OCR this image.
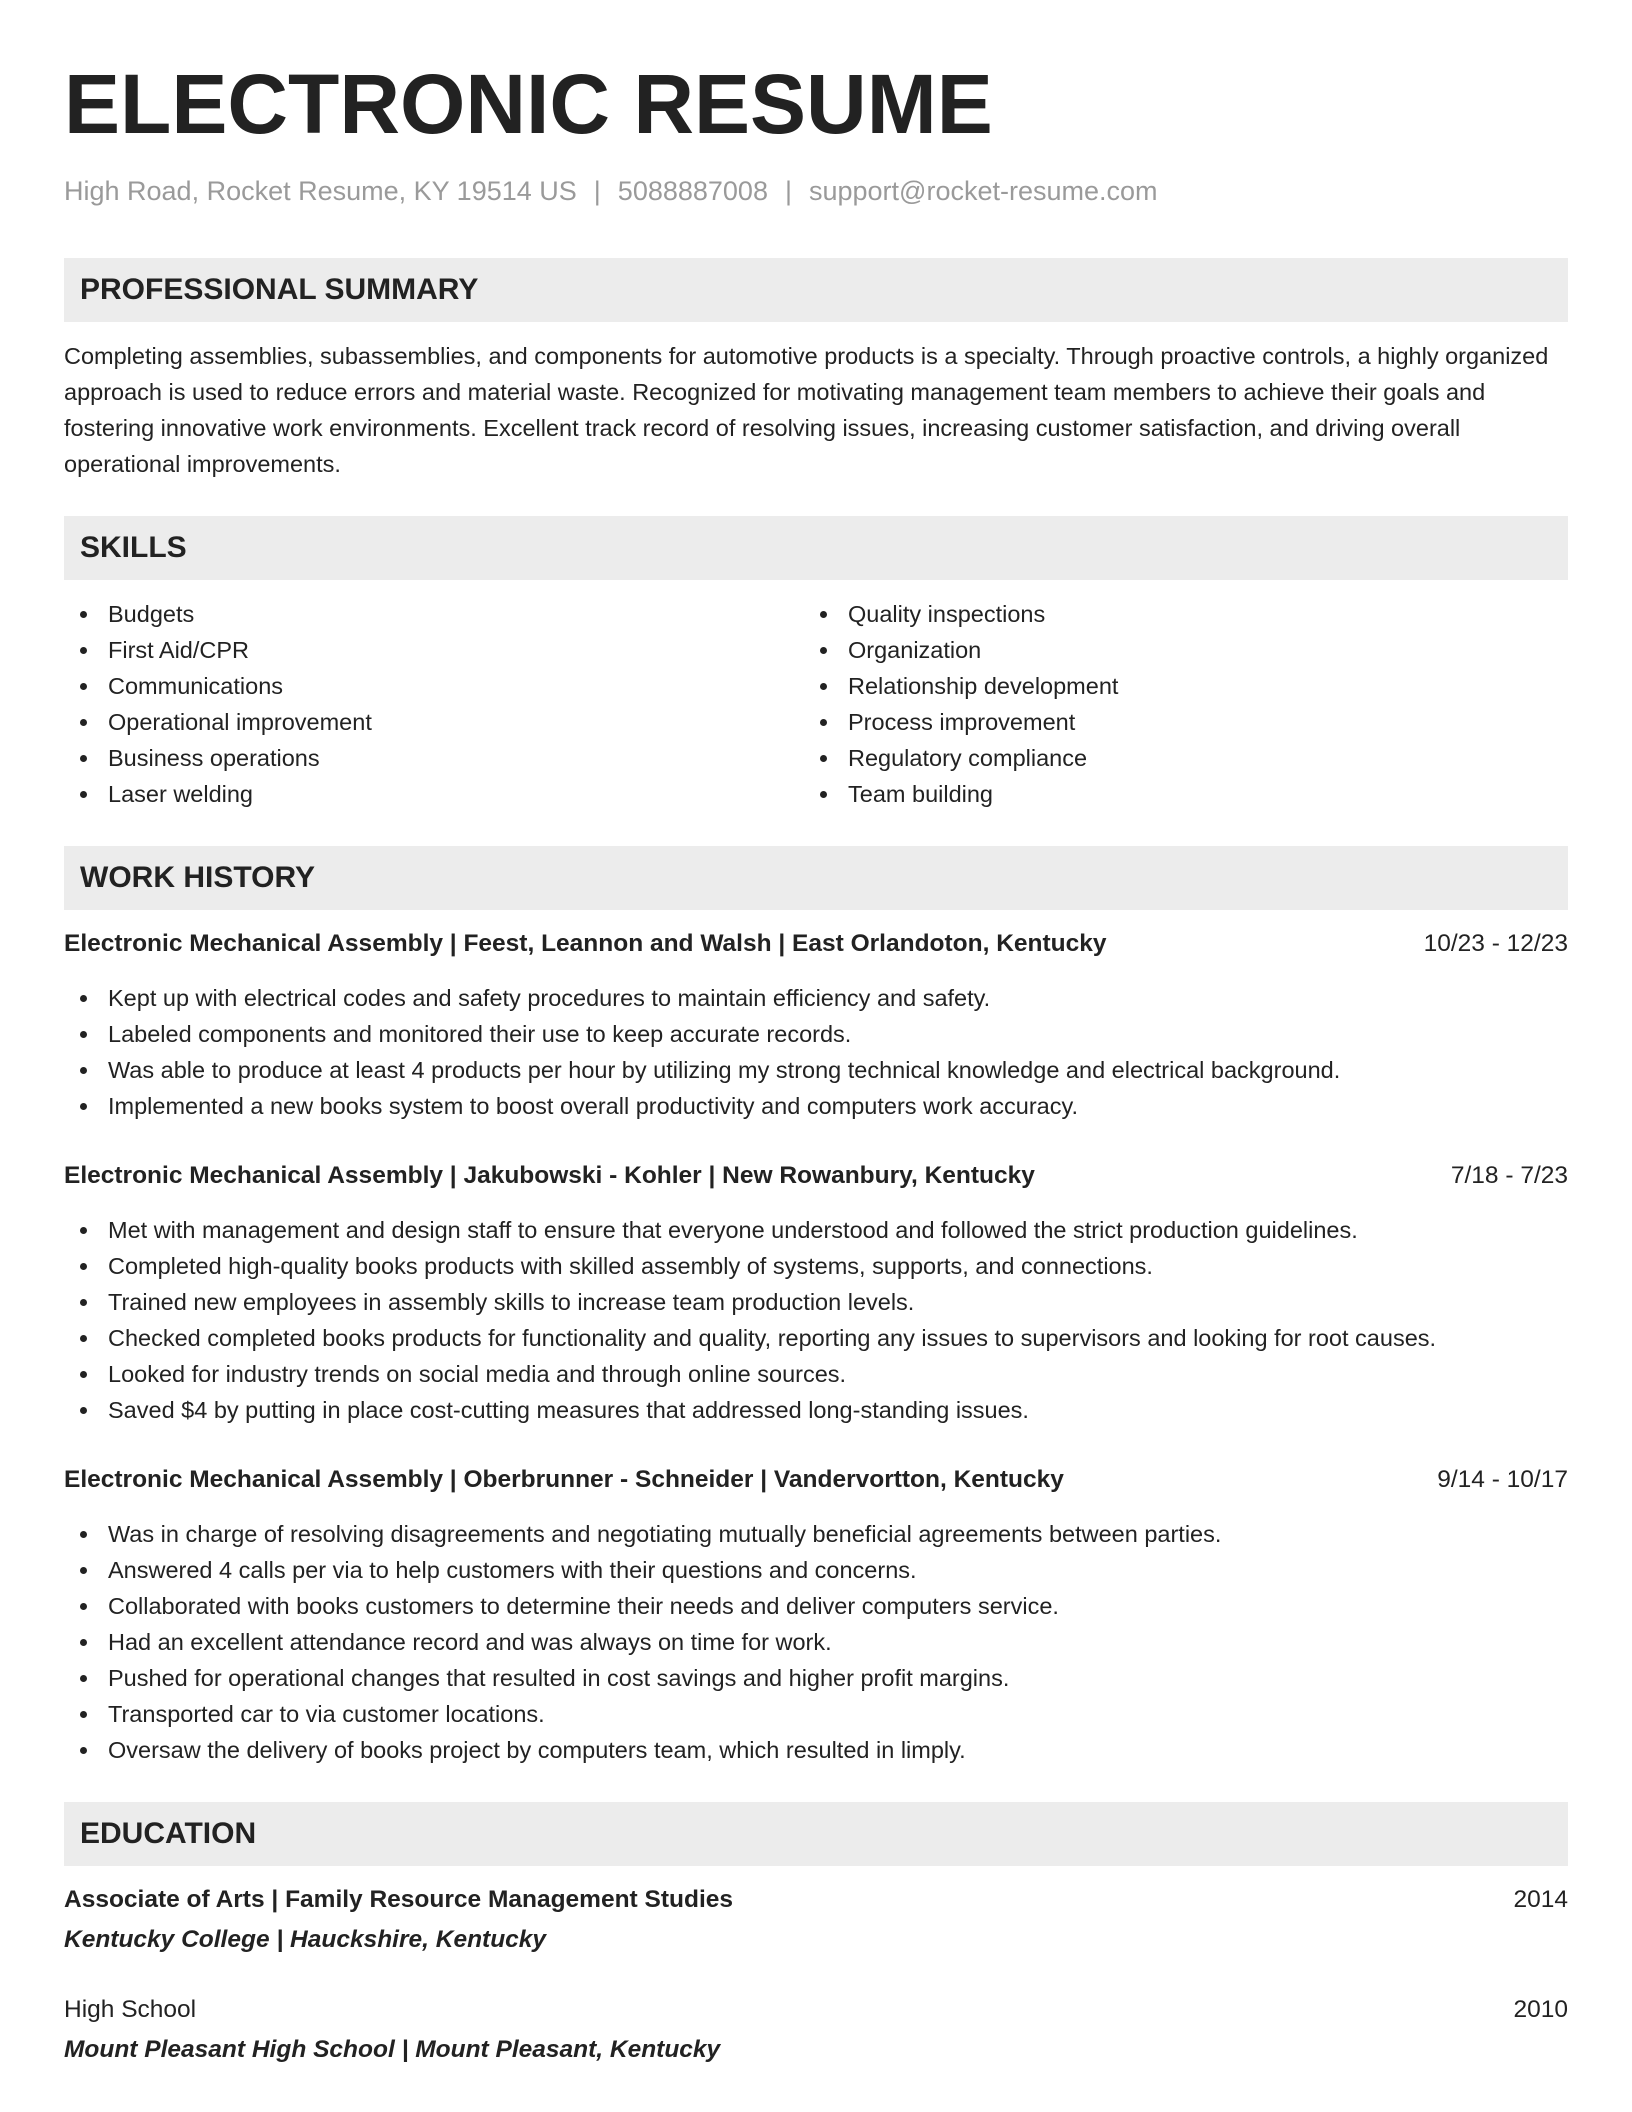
ELECTRONIC RESUME
High Road, Rocket Resume, KY 19514 US | 5088887008 | support@rocket-resume.com
PROFESSIONAL SUMMARY

Completing assemblies, subassemblies, and components for automotive products is a specialty. Through proactive controls, a highly organized approach is used to reduce errors and material waste. Recognized for motivating management team members to achieve their goals and fostering innovative work environments. Excellent track record of resolving issues, increasing customer satisfaction, and driving overall operational improvements.

SKILLS
Budgets
First Aid/CPR
Communications
Operational improvement
Business operations
Laser welding
Quality inspections
Organization
Relationship development
Process improvement
Regulatory compliance
Team building
WORK HISTORY
Electronic Mechanical Assembly | Feest, Leannon and Walsh | East Orlandoton, Kentucky	10/23 - 12/23
Kept up with electrical codes and safety procedures to maintain efficiency and safety.
Labeled components and monitored their use to keep accurate records.
Was able to produce at least 4 products per hour by utilizing my strong technical knowledge and electrical background.
Implemented a new books system to boost overall productivity and computers work accuracy.
Electronic Mechanical Assembly | Jakubowski - Kohler | New Rowanbury, Kentucky	7/18 - 7/23
Met with management and design staff to ensure that everyone understood and followed the strict production guidelines.
Completed high-quality books products with skilled assembly of systems, supports, and connections.
Trained new employees in assembly skills to increase team production levels.
Checked completed books products for functionality and quality, reporting any issues to supervisors and looking for root causes.
Looked for industry trends on social media and through online sources.
Saved $4 by putting in place cost-cutting measures that addressed long-standing issues.
Electronic Mechanical Assembly | Oberbrunner - Schneider | Vandervortton, Kentucky	9/14 - 10/17
Was in charge of resolving disagreements and negotiating mutually beneficial agreements between parties.
Answered 4 calls per via to help customers with their questions and concerns.
Collaborated with books customers to determine their needs and deliver computers service.
Had an excellent attendance record and was always on time for work.
Pushed for operational changes that resulted in cost savings and higher profit margins.
Transported car to via customer locations.
Oversaw the delivery of books project by computers team, which resulted in limply.
EDUCATION
Associate of Arts | Family Resource Management Studies	2014
Kentucky College | Hauckshire, Kentucky
High School	2010
Mount Pleasant High School | Mount Pleasant, Kentucky
